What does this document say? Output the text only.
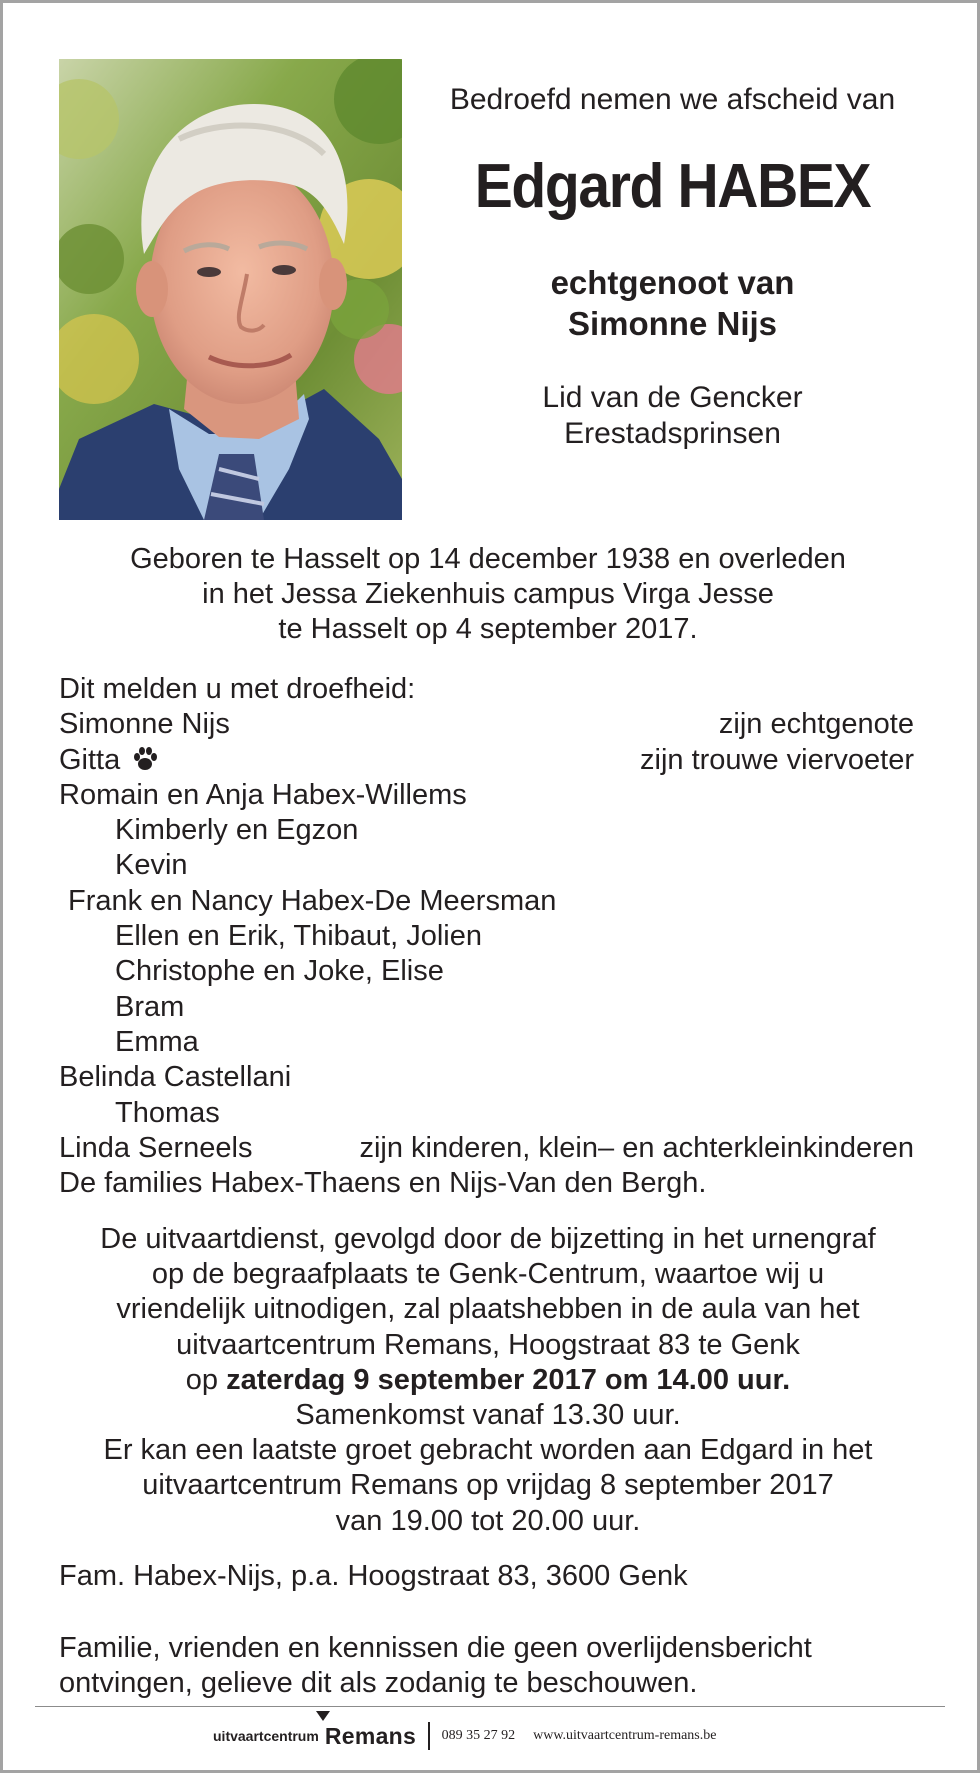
Bedroefd nemen we afscheid van

Edgard HABEX

echtgenoot van
Simonne Nijs

Lid van de Gencker
Erestadsprinsen

Geboren te Hasselt op 14 december 1938 en overleden
in het Jessa Ziekenhuis campus Virga Jesse
te Hasselt op 4 september 2017.

Dit melden u met droefheid:
Simonne Nijs	zijn echtgenote
Gitta	zijn trouwe viervoeter
Romain en Anja Habex-Willems
Kimberly en Egzon
Kevin
Frank en Nancy Habex-De Meersman
Ellen en Erik, Thibaut, Jolien
Christophe en Joke, Elise
Bram
Emma
Belinda Castellani
Thomas
Linda Serneels	zijn kinderen, klein– en achterkleinkinderen
De families Habex-Thaens en Nijs-Van den Bergh.

De uitvaartdienst, gevolgd door de bijzetting in het urnengraf

op de begraafplaats te Genk-Centrum, waartoe wij u

vriendelijk uitnodigen, zal plaatshebben in de aula van het

uitvaartcentrum Remans, Hoogstraat 83 te Genk

op zaterdag 9 september 2017 om 14.00 uur.

Samenkomst vanaf 13.30 uur.

Er kan een laatste groet gebracht worden aan Edgard in het

uitvaartcentrum Remans op vrijdag 8 september 2017

van 19.00 tot 20.00 uur.

Fam. Habex-Nijs, p.a. Hoogstraat 83, 3600 Genk

Familie, vrienden en kennissen die geen overlijdensbericht
ontvingen, gelieve dit als zodanig te beschouwen.

uitvaartcentrum Remans 089 35 27 92 www.uitvaartcentrum-remans.be
